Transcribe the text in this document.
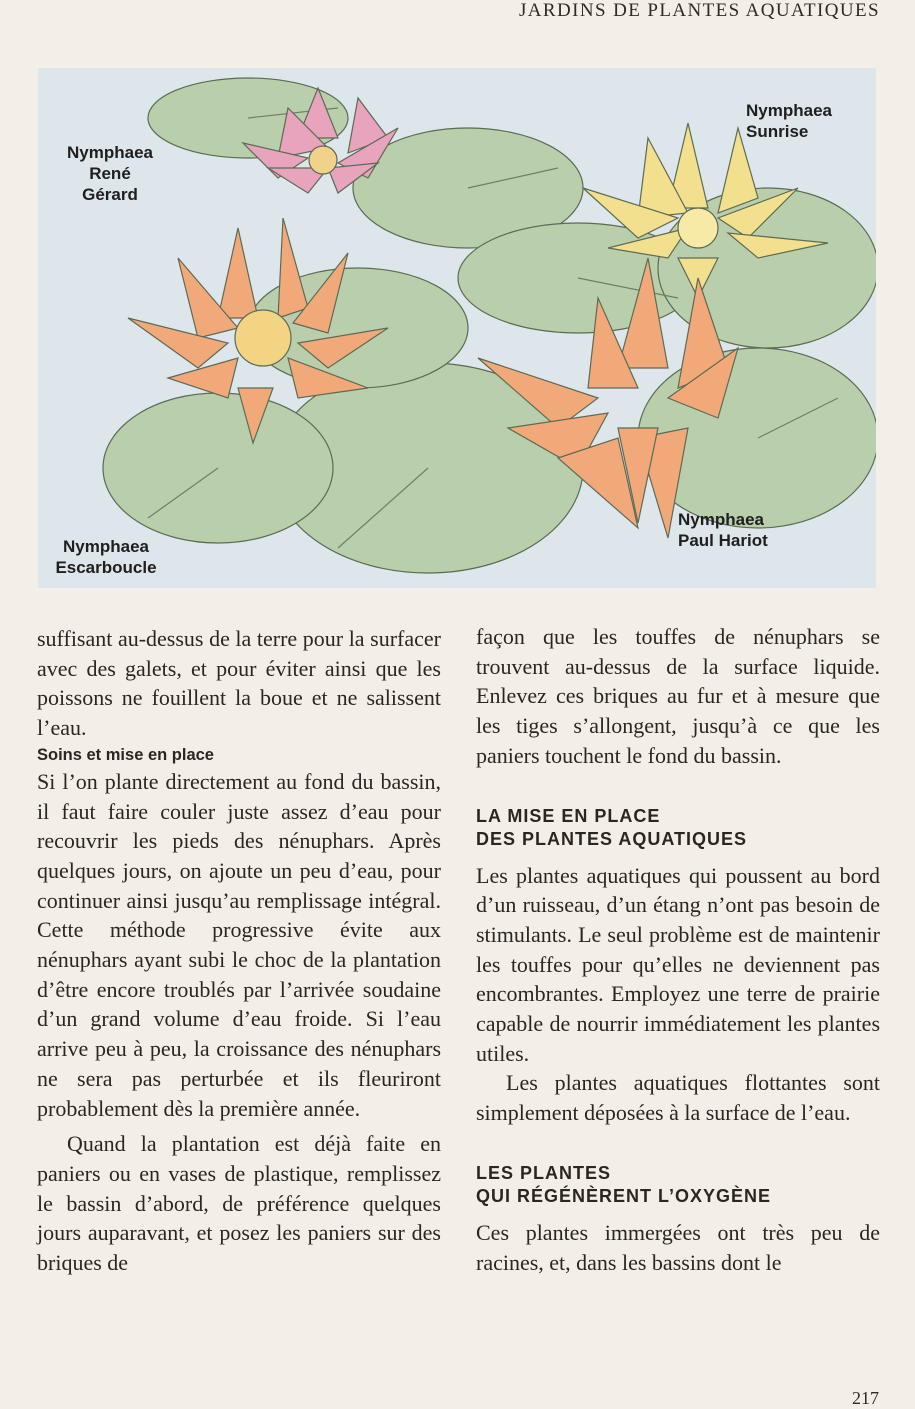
JARDINS DE PLANTES AQUATIQUES
Nymphaea
René Gérard
Nymphaea
Sunrise
Nymphaea
Escarboucle
Nymphaea
Paul Hariot

suffisant au-dessus de la terre pour la surfacer avec des galets, et pour éviter ainsi que les poissons ne fouillent la boue et ne salissent l’eau.

Soins et mise en place

Si l’on plante directement au fond du bassin, il faut faire couler juste assez d’eau pour recouvrir les pieds des nénuphars. Après quelques jours, on ajoute un peu d’eau, pour continuer ainsi jusqu’au remplissage intégral. Cette méthode progressive évite aux nénuphars ayant subi le choc de la plantation d’être encore troublés par l’arrivée soudaine d’un grand volume d’eau froide. Si l’eau arrive peu à peu, la croissance des nénuphars ne sera pas perturbée et ils fleuriront probablement dès la première année.

Quand la plantation est déjà faite en paniers ou en vases de plastique, remplissez le bassin d’abord, de préférence quelques jours auparavant, et posez les paniers sur des briques de

façon que les touffes de nénuphars se trouvent au-dessus de la surface liquide. Enlevez ces briques au fur et à mesure que les tiges s’allongent, jusqu’à ce que les paniers touchent le fond du bassin.

LA MISE EN PLACE
DES PLANTES AQUATIQUES

Les plantes aquatiques qui poussent au bord d’un ruisseau, d’un étang n’ont pas besoin de stimulants. Le seul problème est de maintenir les touffes pour qu’elles ne deviennent pas encombrantes. Employez une terre de prairie capable de nourrir immédiatement les plantes utiles.

Les plantes aquatiques flottantes sont simplement déposées à la surface de l’eau.

LES PLANTES
QUI RÉGÉNÈRENT L’OXYGÈNE

Ces plantes immergées ont très peu de racines, et, dans les bassins dont le

217
